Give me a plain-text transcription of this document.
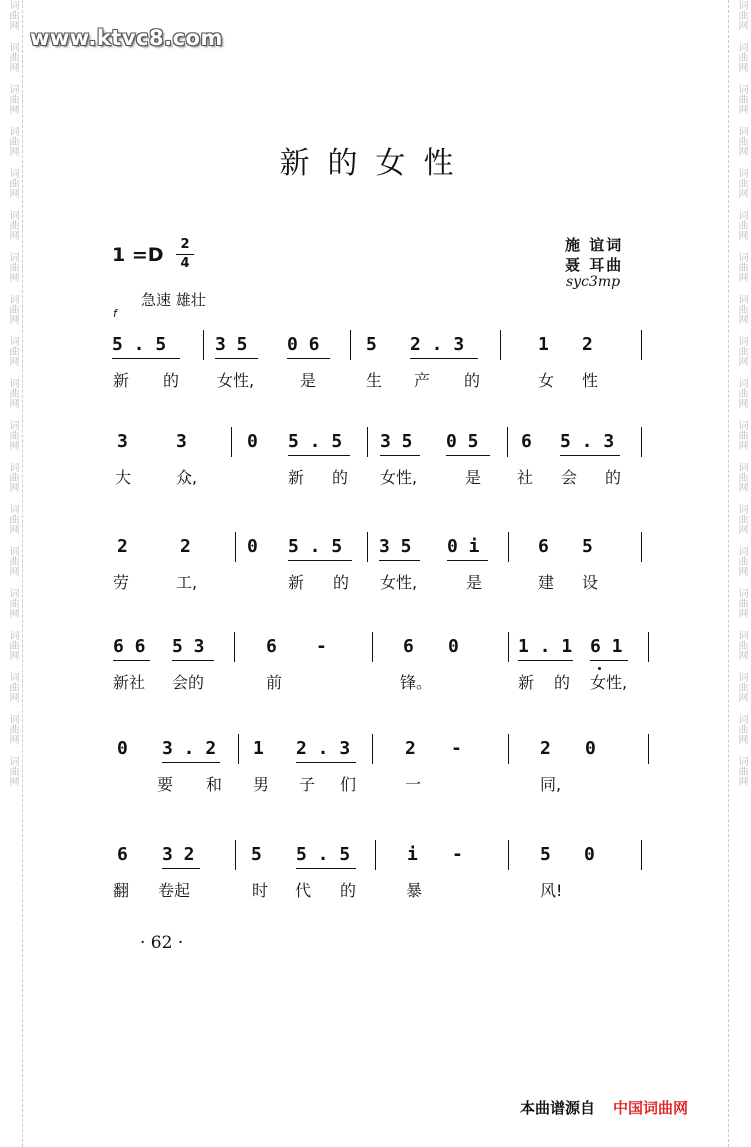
词曲网
词曲网
词曲网
词曲网
词曲网
词曲网
词曲网
词曲网
词曲网
词曲网
词曲网
词曲网
词曲网
词曲网
词曲网
词曲网
词曲网
词曲网
词曲网
词曲网
词曲网
词曲网
词曲网
词曲网
词曲网
词曲网
词曲网
词曲网
词曲网
词曲网
词曲网
词曲网
词曲网
词曲网
词曲网
词曲网
词曲网
词曲网
www.ktvc8.com
新的女性
1 =D	2
4
施 谊词
聂 耳曲
syc3mp
急速 雄壮
f
5 . 5	3 5 0 6	5 2 . 3	1 2
新 的 女性,	是	生 产 的	女 性
3	3	0 5 . 5 3 5 0 5 6 5 . 3
大	众,	新 的 女性,	是 社 会 的
2	2	0 5 . 5 3 5 0 i	6 5
劳	工,	新 的 女性,	是	建 设
6 6 5 3	6 -	6 0	1 . 1 6 1
新社 会的	前	锋。	新 的 女性,
0 3 . 2 1 2 . 3	2 -	2 0
要 和 男 子 们	一	同,
6 3 2	5 5 . 5	i -	5 0
翻 卷起	时 代 的	暴	风!
· 62 ·
本曲谱源自 中国词曲网
